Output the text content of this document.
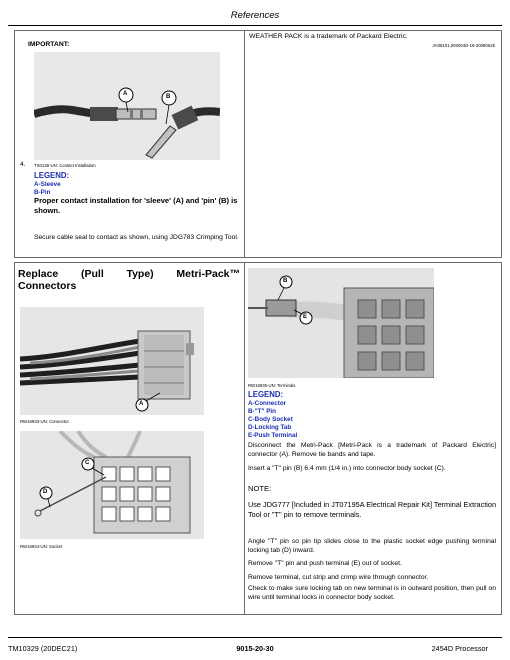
References
IMPORTANT:
WEATHER PACK is a trademark of Packard Electric.
JH38101,000004D-19-20080625
A	B
4. TS0139-UN: Contact Installation
LEGEND:
A-Sleeve
B-Pin
Proper contact installation for 'sleeve' (A) and 'pin' (B) is shown.
Secure cable seal to contact as shown, using JDG783 Crimping Tool.
Replace (Pull Type) Metri-Pack™ Connectors
A
RW16933-UN: Connector
C
D
RW16934-UN: Socket
B
E
RW16935-UN: Terminals
LEGEND:
A-Connector
B-"T" Pin
C-Body Socket
D-Locking Tab
E-Push Terminal
Disconnect the Metri-Pack [Metri-Pack is a trademark of Packard Electric] connector (A). Remove tie bands and tape.
Insert a "T" pin (B) 6.4 mm (1/4 in.) into connector body socket (C).
NOTE:
Use JDG777 [Included in JT07195A Electrical Repair Kit] Terminal Extraction Tool or "T" pin to remove terminals.
Angle "T" pin so pin tip slides close to the plastic socket edge pushing terminal locking tab (D) inward.
Remove "T" pin and push terminal (E) out of socket.
Remove terminal, cut strip and crimp wire through connector.
Check to make sure locking tab on new terminal is in outward position, then pull on wire until terminal locks in connector body socket.
TM10329 (20DEC21)	9015-20-30	2454D Processor
